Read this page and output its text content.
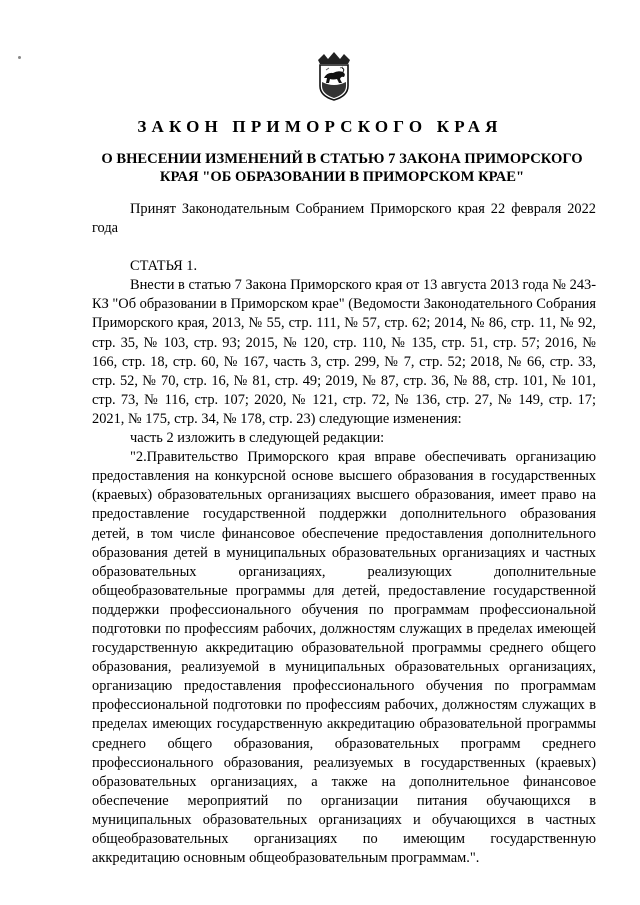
ЗАКОН ПРИМОРСКОГО КРАЯ
О ВНЕСЕНИИ ИЗМЕНЕНИЙ В СТАТЬЮ 7 ЗАКОНА ПРИМОРСКОГО КРАЯ "ОБ ОБРАЗОВАНИИ В ПРИМОРСКОМ КРАЕ"

Принят Законодательным Собранием Приморского края 22 февраля 2022 года

СТАТЬЯ 1.

Внести в статью 7 Закона Приморского края от 13 августа 2013 года № 243-КЗ "Об образовании в Приморском крае" (Ведомости Законодательного Собрания Приморского края, 2013, № 55, стр. 111, № 57, стр. 62; 2014, № 86, стр. 11, № 92, стр. 35, № 103, стр. 93; 2015, № 120, стр. 110, № 135, стр. 51, стр. 57; 2016, № 166, стр. 18, стр. 60, № 167, часть 3, стр. 299, № 7, стр. 52; 2018, № 66, стр. 33, стр. 52, № 70, стр. 16, № 81, стр. 49; 2019, № 87, стр. 36, № 88, стр. 101, № 101, стр. 73, № 116, стр. 107; 2020, № 121, стр. 72, № 136, стр. 27, № 149, стр. 17; 2021, № 175, стр. 34, № 178, стр. 23) следующие изменения:

часть 2 изложить в следующей редакции:

"2.Правительство Приморского края вправе обеспечивать организацию предоставления на конкурсной основе высшего образования в государственных (краевых) образовательных организациях высшего образования, имеет право на предоставление государственной поддержки дополнительного образования детей, в том числе финансовое обеспечение предоставления дополнительного образования детей в муниципальных образовательных организациях и частных образовательных организациях, реализующих дополнительные общеобразовательные программы для детей, предоставление государственной поддержки профессионального обучения по программам профессиональной подготовки по профессиям рабочих, должностям служащих в пределах имеющей государственную аккредитацию образовательной программы среднего общего образования, реализуемой в муниципальных образовательных организациях, организацию предоставления профессионального обучения по программам профессиональной подготовки по профессиям рабочих, должностям служащих в пределах имеющих государственную аккредитацию образовательной программы среднего общего образования, образовательных программ среднего профессионального образования, реализуемых в государственных (краевых) образовательных организациях, а также на дополнительное финансовое обеспечение мероприятий по организации питания обучающихся в муниципальных образовательных организациях и обучающихся в частных общеобразовательных организациях по имеющим государственную аккредитацию основным общеобразовательным программам.".
